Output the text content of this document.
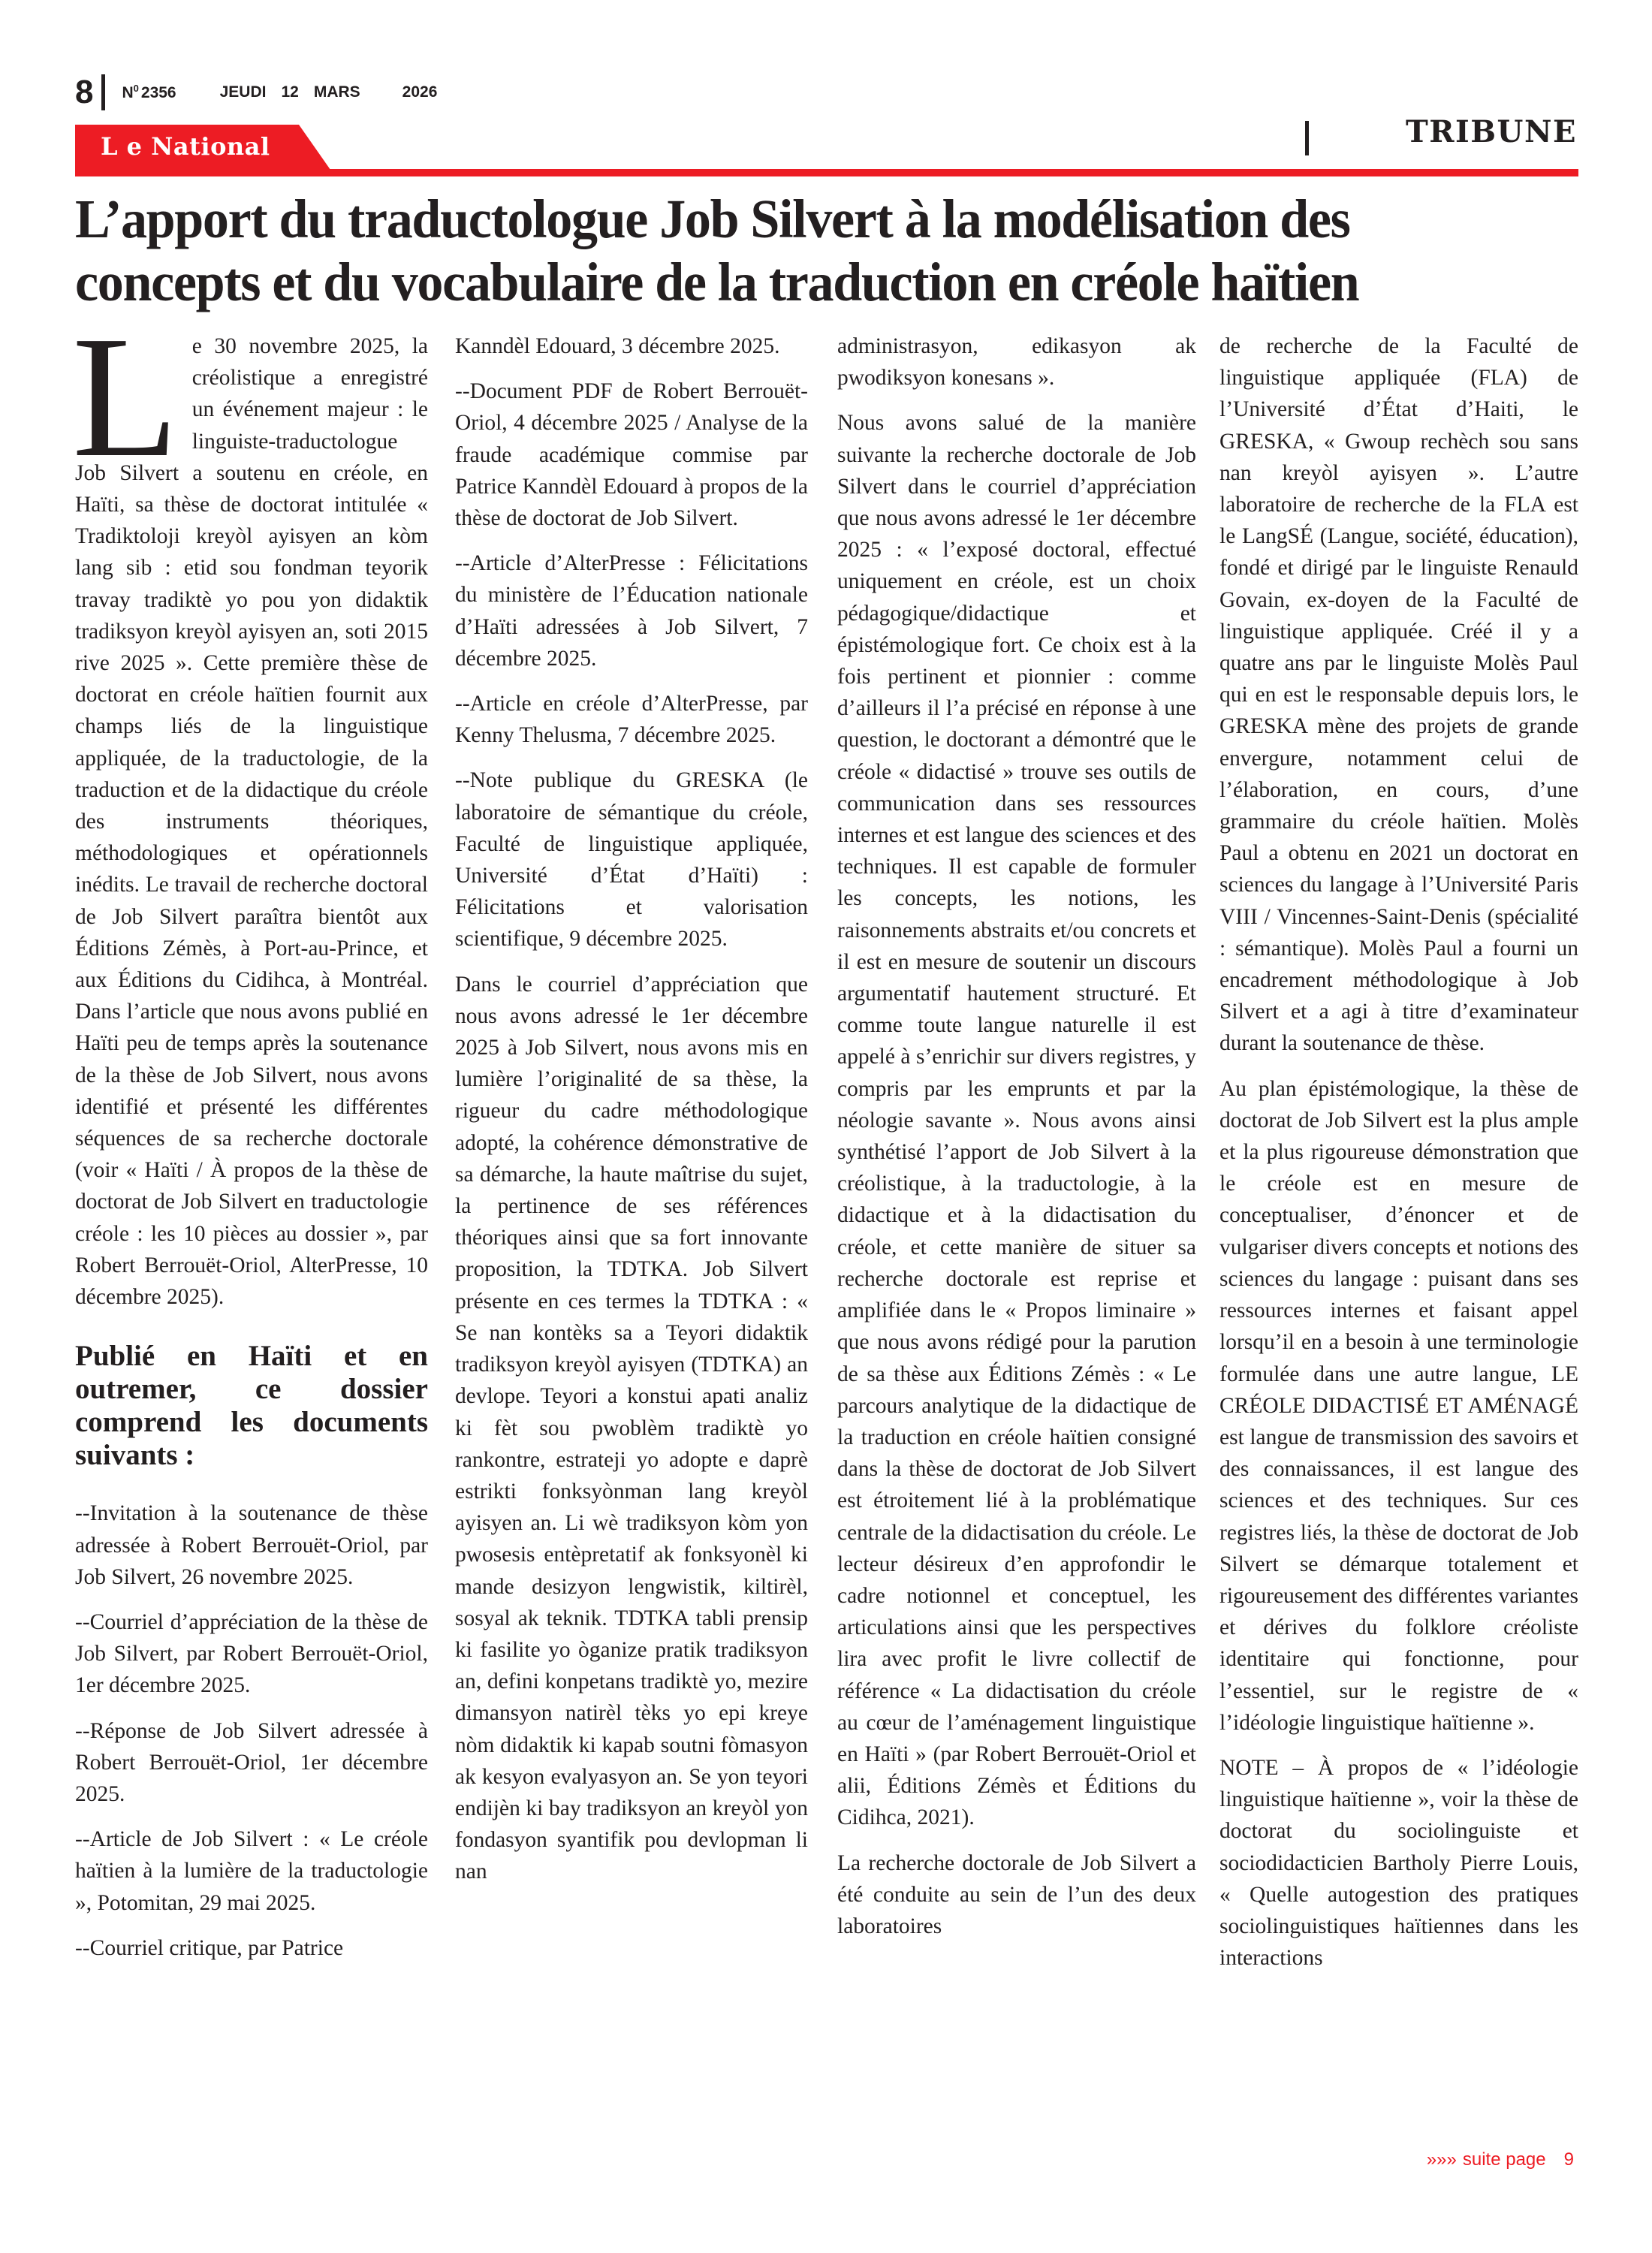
8 $N^0$ 2356	JEUDI 12 MARS	2026
L e National	TRIBUNE
L’apport du traductologue Job Silvert à la modélisation des concepts et du vocabulaire de la traduction en créole haïtien

Le 30 novembre 2025, la créolistique a enregistré un événement majeur : le linguiste-traductologue Job Silvert a soutenu en créole, en Haïti, sa thèse de doctorat intitulée « Tradiktoloji kreyòl ayisyen an kòm lang sib : etid sou fondman teyorik travay tradiktè yo pou yon didaktik tradiksyon kreyòl ayisyen an, soti 2015 rive 2025 ». Cette première thèse de doctorat en créole haïtien fournit aux champs liés de la linguistique appliquée, de la traductologie, de la traduction et de la didactique du créole des instruments théoriques, méthodologiques et opérationnels inédits. Le travail de recherche doctoral de Job Silvert paraîtra bientôt aux Éditions Zémès, à Port-au-Prince, et aux Éditions du Cidihca, à Montréal. Dans l’article que nous avons publié en Haïti peu de temps après la soutenance de la thèse de Job Silvert, nous avons identifié et présenté les différentes séquences de sa recherche doctorale (voir « Haïti / À propos de la thèse de doctorat de Job Silvert en traductologie créole : les 10 pièces au dossier », par Robert Berrouët-Oriol, AlterPresse, 10 décembre 2025).

Publié en Haïti et en outremer, ce dossier comprend les documents suivants :

--Invitation à la soutenance de thèse adressée à Robert Berrouët-Oriol, par Job Silvert, 26 novembre 2025.

--Courriel d’appréciation de la thèse de Job Silvert, par Robert Berrouët-Oriol, 1er décembre 2025.

--Réponse de Job Silvert adressée à Robert Berrouët-Oriol, 1er décembre 2025.

--Article de Job Silvert : « Le créole haïtien à la lumière de la traductologie », Potomitan, 29 mai 2025.

--Courriel critique, par Patrice

Kanndèl Edouard, 3 décembre 2025.

--Document PDF de Robert Berrouët-Oriol, 4 décembre 2025 / Analyse de la fraude académique commise par Patrice Kanndèl Edouard à propos de la thèse de doctorat de Job Silvert.

--Article d’AlterPresse : Félicitations du ministère de l’Éducation nationale d’Haïti adressées à Job Silvert, 7 décembre 2025.

--Article en créole d’AlterPresse, par Kenny Thelusma, 7 décembre 2025.

--Note publique du GRESKA (le laboratoire de sémantique du créole, Faculté de linguistique appliquée, Université d’État d’Haïti) : Félicitations et valorisation scientifique, 9 décembre 2025.

Dans le courriel d’appréciation que nous avons adressé le 1er décembre 2025 à Job Silvert, nous avons mis en lumière l’originalité de sa thèse, la rigueur du cadre méthodologique adopté, la cohérence démonstrative de sa démarche, la haute maîtrise du sujet, la pertinence de ses références théoriques ainsi que sa fort innovante proposition, la TDTKA. Job Silvert présente en ces termes la TDTKA : « Se nan kontèks sa a Teyori didaktik tradiksyon kreyòl ayisyen (TDTKA) an devlope. Teyori a konstui apati analiz ki fèt sou pwoblèm tradiktè yo rankontre, estrateji yo adopte e daprè estrikti fonksyònman lang kreyòl ayisyen an. Li wè tradiksyon kòm yon pwosesis entèpretatif ak fonksyonèl ki mande desizyon lengwistik, kiltirèl, sosyal ak teknik. TDTKA tabli prensip ki fasilite yo òganize pratik tradiksyon an, defini konpetans tradiktè yo, mezire dimansyon natirèl tèks yo epi kreye nòm didaktik ki kapab soutni fòmasyon ak kesyon evalyasyon an. Se yon teyori endijèn ki bay tradiksyon an kreyòl yon fondasyon syantifik pou devlopman li nan

administrasyon, edikasyon ak pwodiksyon konesans ».

Nous avons salué de la manière suivante la recherche doctorale de Job Silvert dans le courriel d’appréciation que nous avons adressé le 1er décembre 2025 : « l’exposé doctoral, effectué uniquement en créole, est un choix pédagogique/didactique et épistémologique fort. Ce choix est à la fois pertinent et pionnier : comme d’ailleurs il l’a précisé en réponse à une question, le doctorant a démontré que le créole « didactisé » trouve ses outils de communication dans ses ressources internes et est langue des sciences et des techniques. Il est capable de formuler les concepts, les notions, les raisonnements abstraits et/ou concrets et il est en mesure de soutenir un discours argumentatif hautement structuré. Et comme toute langue naturelle il est appelé à s’enrichir sur divers registres, y compris par les emprunts et par la néologie savante ». Nous avons ainsi synthétisé l’apport de Job Silvert à la créolistique, à la traductologie, à la didactique et à la didactisation du créole, et cette manière de situer sa recherche doctorale est reprise et amplifiée dans le « Propos liminaire » que nous avons rédigé pour la parution de sa thèse aux Éditions Zémès : « Le parcours analytique de la didactique de la traduction en créole haïtien consigné dans la thèse de doctorat de Job Silvert est étroitement lié à la problématique centrale de la didactisation du créole. Le lecteur désireux d’en approfondir le cadre notionnel et conceptuel, les articulations ainsi que les perspectives lira avec profit le livre collectif de référence « La didactisation du créole au cœur de l’aménagement linguistique en Haïti » (par Robert Berrouët-Oriol et alii, Éditions Zémès et Éditions du Cidihca, 2021).

La recherche doctorale de Job Silvert a été conduite au sein de l’un des deux laboratoires

de recherche de la Faculté de linguistique appliquée (FLA) de l’Université d’État d’Haiti, le GRESKA, « Gwoup rechèch sou sans nan kreyòl ayisyen ». L’autre laboratoire de recherche de la FLA est le LangSÉ (Langue, société, éducation), fondé et dirigé par le linguiste Renauld Govain, ex-doyen de la Faculté de linguistique appliquée. Créé il y a quatre ans par le linguiste Molès Paul qui en est le responsable depuis lors, le GRESKA mène des projets de grande envergure, notamment celui de l’élaboration, en cours, d’une grammaire du créole haïtien. Molès Paul a obtenu en 2021 un doctorat en sciences du langage à l’Université Paris VIII / Vincennes-Saint-Denis (spécialité : sémantique). Molès Paul a fourni un encadrement méthodologique à Job Silvert et a agi à titre d’examinateur durant la soutenance de thèse.

Au plan épistémologique, la thèse de doctorat de Job Silvert est la plus ample et la plus rigoureuse démonstration que le créole est en mesure de conceptualiser, d’énoncer et de vulgariser divers concepts et notions des sciences du langage : puisant dans ses ressources internes et faisant appel lorsqu’il en a besoin à une terminologie formulée dans une autre langue, LE CRÉOLE DIDACTISÉ ET AMÉNAGÉ est langue de transmission des savoirs et des connaissances, il est langue des sciences et des techniques. Sur ces registres liés, la thèse de doctorat de Job Silvert se démarque totalement et rigoureusement des différentes variantes et dérives du folklore créoliste identitaire qui fonctionne, pour l’essentiel, sur le registre de « l’idéologie linguistique haïtienne ».

NOTE – À propos de « l’idéologie linguistique haïtienne », voir la thèse de doctorat du sociolinguiste et sociodidacticien Bartholy Pierre Louis, « Quelle autogestion des pratiques sociolinguistiques haïtiennes dans les interactions

»»» suite page 9
